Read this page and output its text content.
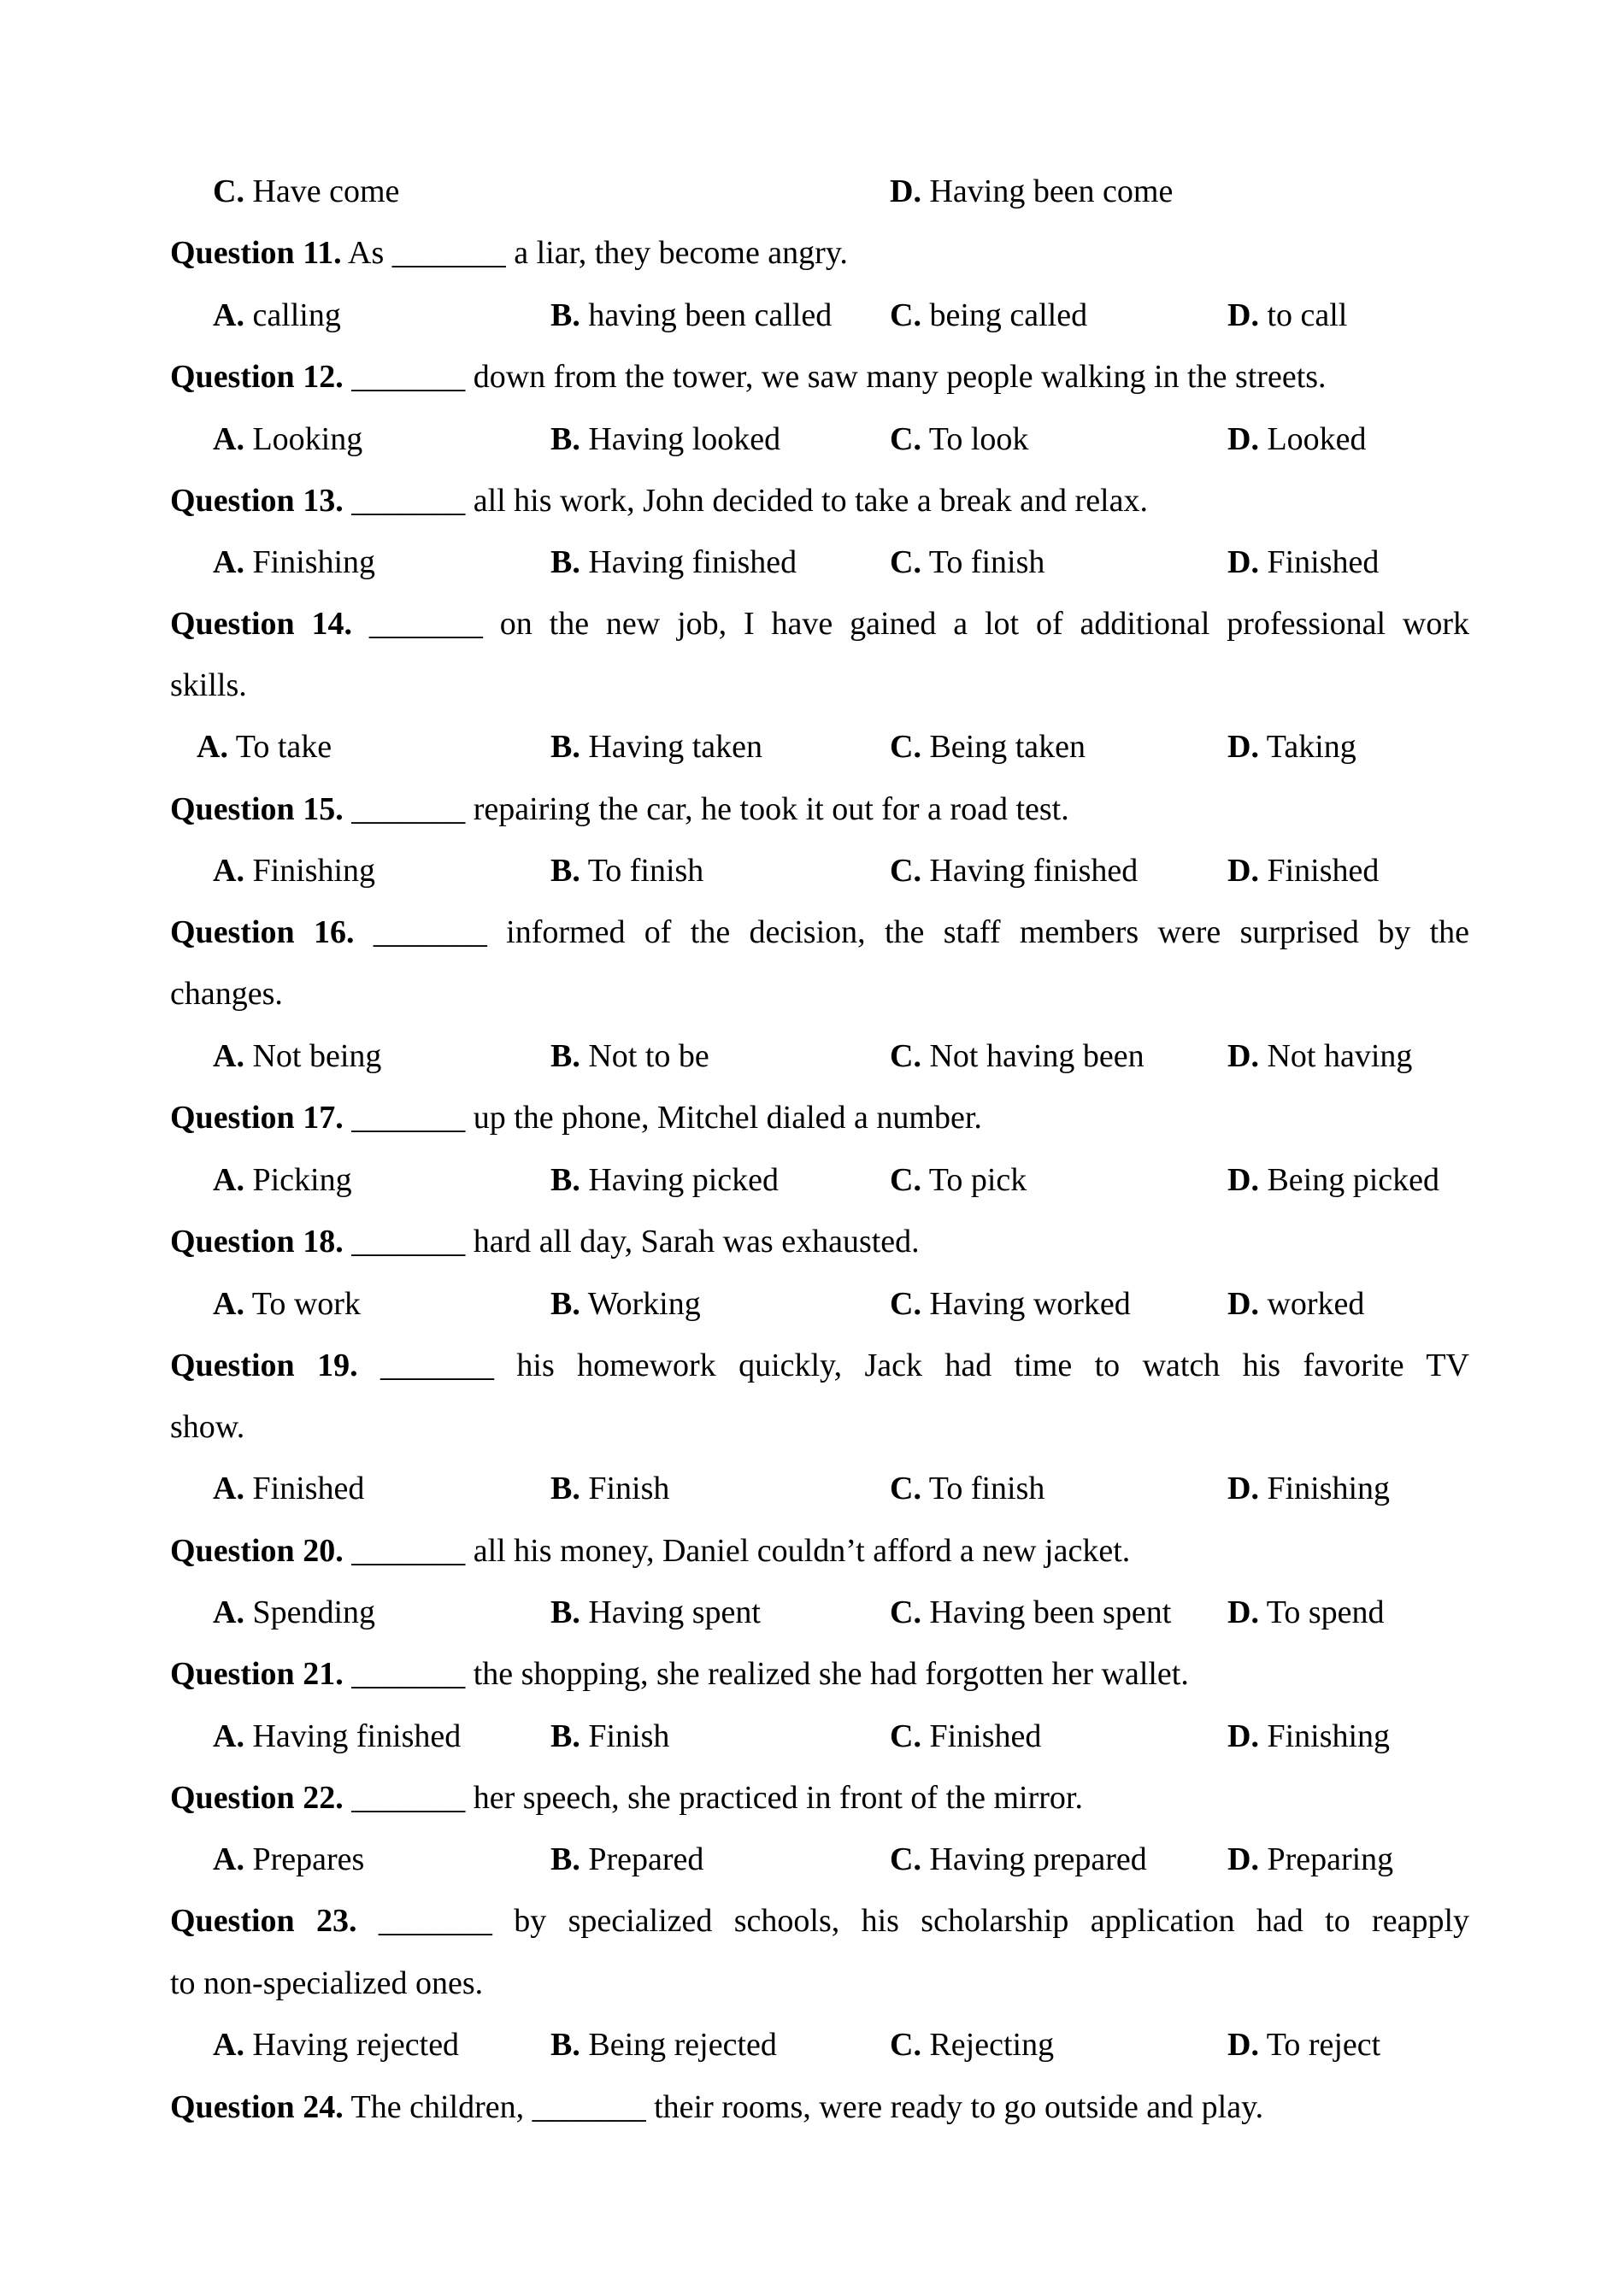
C. Have come	D. Having been come
Question 11. As _______ a liar, they become angry.
A. calling	B. having been called C. being called	D. to call
Question 12. _______ down from the tower, we saw many people walking in the streets.
A. Looking	B. Having looked	C. To look	D. Looked
Question 13. _______ all his work, John decided to take a break and relax.
A. Finishing	B. Having finished	C. To finish	D. Finished
Question 14. _______ on the new job, I have gained a lot of additional professional work
skills.
A. To take	B. Having taken	C. Being taken	D. Taking
Question 15. _______ repairing the car, he took it out for a road test.
A. Finishing	B. To finish	C. Having finished	D. Finished
Question 16. _______ informed of the decision, the staff members were surprised by the
changes.
A. Not being	B. Not to be	C. Not having been	D. Not having
Question 17. _______ up the phone, Mitchel dialed a number.
A. Picking	B. Having picked	C. To pick	D. Being picked
Question 18. _______ hard all day, Sarah was exhausted.
A. To work	B. Working	C. Having worked	D. worked
Question 19. _______ his homework quickly, Jack had time to watch his favorite TV
show.
A. Finished	B. Finish	C. To finish	D. Finishing
Question 20. _______ all his money, Daniel couldn’t afford a new jacket.
A. Spending	B. Having spent	C. Having been spent D. To spend
Question 21. _______ the shopping, she realized she had forgotten her wallet.
A. Having finished	B. Finish	C. Finished	D. Finishing
Question 22. _______ her speech, she practiced in front of the mirror.
A. Prepares	B. Prepared	C. Having prepared D. Preparing
Question 23. _______ by specialized schools, his scholarship application had to reapply
to non-specialized ones.
A. Having rejected	B. Being rejected	C. Rejecting	D. To reject
Question 24. The children, _______ their rooms, were ready to go outside and play.
